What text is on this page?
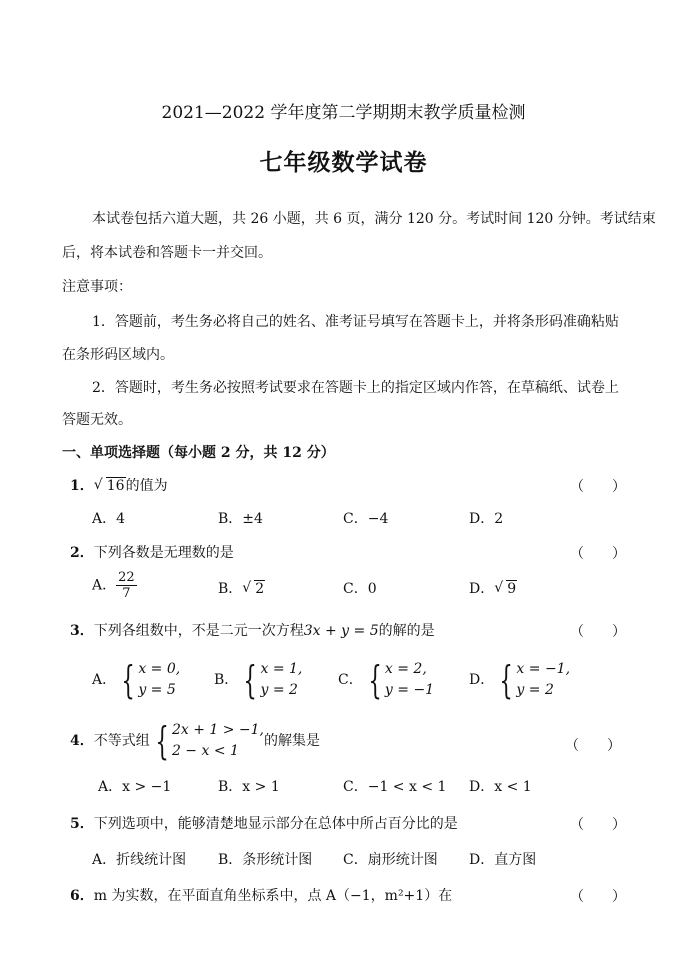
2021—2022 学年度第二学期期末教学质量检测
七年级数学试卷
本试卷包括六道大题，共 26 小题，共 6 页，满分 120 分。考试时间 120 分钟。考试结束
后，将本试卷和答题卡一并交回。
注意事项：
1．答题前，考生务必将自己的姓名、准考证号填写在答题卡上，并将条形码准确粘贴
在条形码区域内。
2．答题时，考生务必按照考试要求在答题卡上的指定区域内作答，在草稿纸、试卷上
答题无效。
一、单项选择题（每小题 2 分，共 12 分）
1． √ 16的值为	（　　）
A．4	B．±4	C．−4	D．2
2．下列各数是无理数的是	（　　）
A． $\frac{22}{7}$	B． √ 2	C．0	D． √ 9
3．下列各组数中，不是二元一次方程3x + y = 5的解的是	（　　）
A． { x = 0,
y = 5
B． { x = 1,
y = 2
C． { x = 2,
y = −1
D． { x = −1,
y = 2
4．不等式组 { 2x + 1 > −1,
2 − x < 1
的解集是	（　　）
A．x > −1	B．x > 1	C．−1 < x < 1 D．x < 1
5．下列选项中，能够清楚地显示部分在总体中所占百分比的是	（　　）
A．折线统计图 B．条形统计图 C．扇形统计图 D．直方图
6．m 为实数，在平面直角坐标系中，点 A（−1，m²+1）在	（　　）
